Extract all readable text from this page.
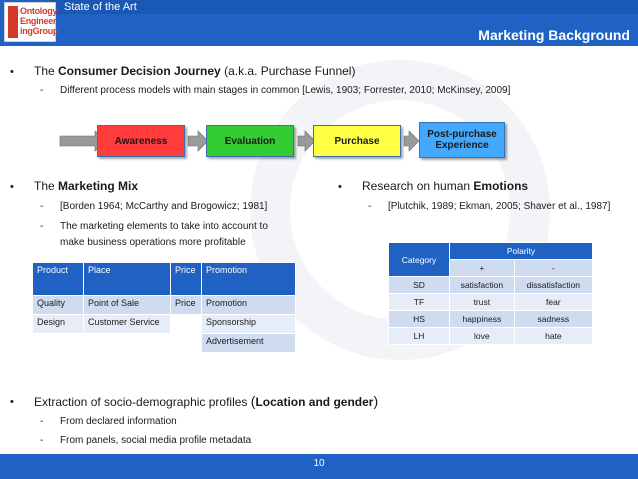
Ontology
Engineer
ingGroup
State of the Art
Marketing Background
• The Consumer Decision Journey (a.k.a. Purchase Funnel)
- Different process models with main stages in common [Lewis, 1903; Forrester, 2010; McKinsey, 2009]
Awareness	Evaluation	Purchase
Post-purchase Experience
• The Marketing Mix
- [Borden 1964; McCarthy and Brogowicz; 1981]
- The marketing elements to take into account to
make business operations more profitable
Product	Place	Price	Promotion
Quality	Point of Sale	Price	Promotion
Design	Customer Service		Sponsorship
			Advertisement
• Research on human Emotions
- [Plutchik, 1989; Ekman, 2005; Shaver et al., 1987]
Category	Polarity	
	+	-
SD	satisfaction	dissatisfaction
TF	trust	fear
HS	happiness	sadness
LH	love	hate
• Extraction of socio-demographic profiles (Location and gender)
- From declared information
- From panels, social media profile metadata
10
